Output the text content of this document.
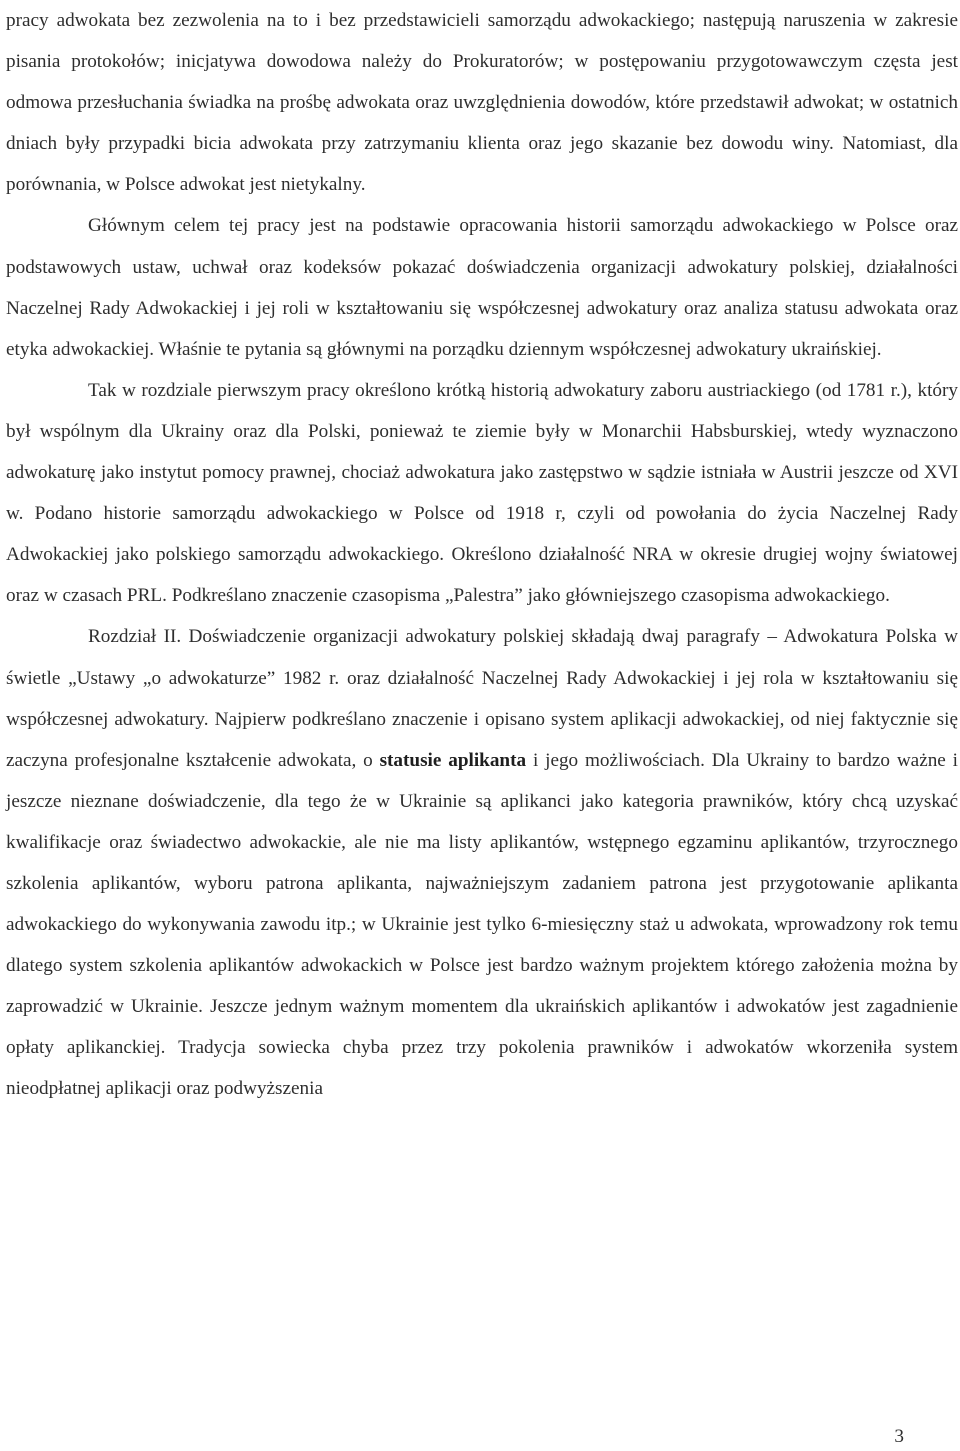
pracy adwokata bez zezwolenia na to i bez przedstawicieli samorządu adwokackiego; następują naruszenia w zakresie pisania protokołów; inicjatywa dowodowa należy do Prokuratorów; w postępowaniu przygotowawczym częsta jest odmowa przesłuchania świadka na prośbę adwokata oraz uwzględnienia dowodów, które przedstawił adwokat; w ostatnich dniach były przypadki bicia adwokata przy zatrzymaniu klienta oraz jego skazanie bez dowodu winy. Natomiast, dla porównania, w Polsce adwokat jest nietykalny.

Głównym celem tej pracy jest na podstawie opracowania historii samorządu adwokackiego w Polsce oraz podstawowych ustaw, uchwał oraz kodeksów pokazać doświadczenia organizacji adwokatury polskiej, działalności Naczelnej Rady Adwokackiej i jej roli w kształtowaniu się współczesnej adwokatury oraz analiza statusu adwokata oraz etyka adwokackiej. Właśnie te pytania są głównymi na porządku dziennym współczesnej adwokatury ukraińskiej.

Tak w rozdziale pierwszym pracy określono krótką historią adwokatury zaboru austriackiego (od 1781 r.), który był wspólnym dla Ukrainy oraz dla Polski, ponieważ te ziemie były w Monarchii Habsburskiej, wtedy wyznaczono adwokaturę jako instytut pomocy prawnej, chociaż adwokatura jako zastępstwo w sądzie istniała w Austrii jeszcze od XVI w. Podano historie samorządu adwokackiego w Polsce od 1918 r, czyli od powołania do życia Naczelnej Rady Adwokackiej jako polskiego samorządu adwokackiego. Określono działalność NRA w okresie drugiej wojny światowej oraz w czasach PRL. Podkreślano znaczenie czasopisma „Palestra” jako główniejszego czasopisma adwokackiego.

Rozdział II. Doświadczenie organizacji adwokatury polskiej składają dwaj paragrafy – Adwokatura Polska w świetle „Ustawy „o adwokaturze” 1982 r. oraz działalność Naczelnej Rady Adwokackiej i jej rola w kształtowaniu się współczesnej adwokatury. Najpierw podkreślano znaczenie i opisano system aplikacji adwokackiej, od niej faktycznie się zaczyna profesjonalne kształcenie adwokata, o statusie aplikanta i jego możliwościach. Dla Ukrainy to bardzo ważne i jeszcze nieznane doświadczenie, dla tego że w Ukrainie są aplikanci jako kategoria prawników, który chcą uzyskać kwalifikacje oraz świadectwo adwokackie, ale nie ma listy aplikantów, wstępnego egzaminu aplikantów, trzyrocznego szkolenia aplikantów, wyboru patrona aplikanta, najważniejszym zadaniem patrona jest przygotowanie aplikanta adwokackiego do wykonywania zawodu itp.; w Ukrainie jest tylko 6-miesięczny staż u adwokata, wprowadzony rok temu dlatego system szkolenia aplikantów adwokackich w Polsce jest bardzo ważnym projektem którego założenia można by zaprowadzić w Ukrainie. Jeszcze jednym ważnym momentem dla ukraińskich aplikantów i adwokatów jest zagadnienie opłaty aplikanckiej. Tradycja sowiecka chyba przez trzy pokolenia prawników i adwokatów wkorzeniła system nieodpłatnej aplikacji oraz podwyższenia

3
